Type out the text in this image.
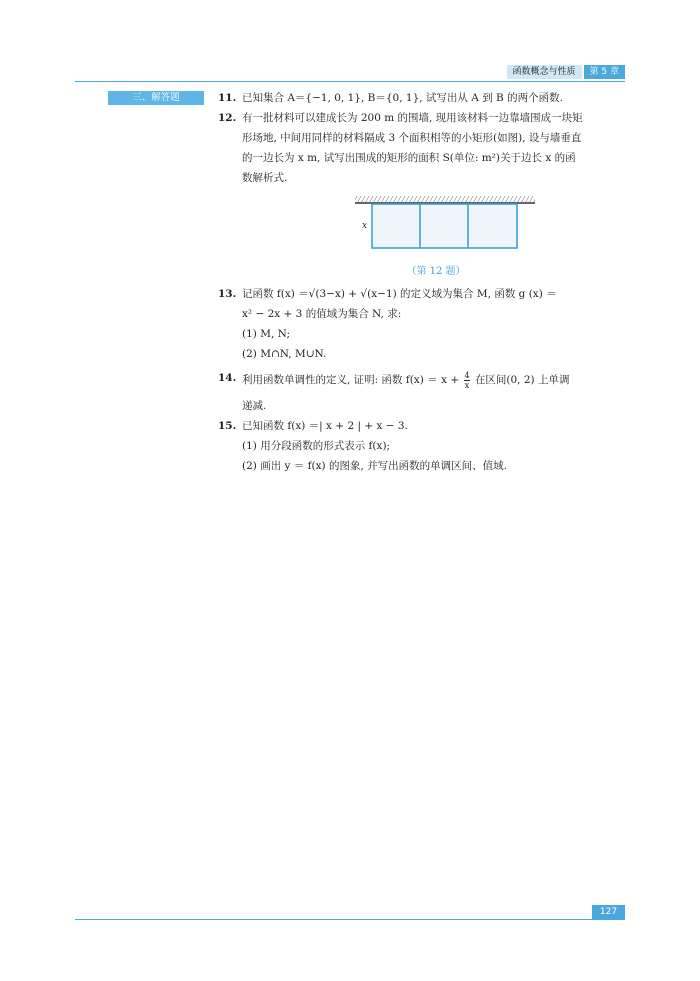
函数概念与性质	第 5 章
三、解答题	11. 已知集合 A＝{−1, 0, 1}, B＝{0, 1}, 试写出从 A 到 B 的两个函数.
12. 有一批材料可以建成长为 200 m 的围墙, 现用该材料一边靠墙围成一块矩
形场地, 中间用同样的材料隔成 3 个面积相等的小矩形(如图), 设与墙垂直
的一边长为 x m, 试写出围成的矩形的面积 S(单位: m²)关于边长 x 的函
数解析式.
x
（第 12 题）
13. 记函数 f(x) ＝√(3−x) + √(x−1) 的定义域为集合 M, 函数 g (x) ＝
x² − 2x + 3 的值域为集合 N, 求:
(1) M, N;
(2) M∩N, M∪N.
14. 利用函数单调性的定义, 证明: 函数 $f(x) = x + \frac{4}{x}$ 在区间(0, 2) 上单调
递减.
15. 已知函数 f(x) ＝| x + 2 | + x − 3.
(1) 用分段函数的形式表示 f(x);
(2) 画出 y ＝ f(x) 的图象, 并写出函数的单调区间、值域.
127
